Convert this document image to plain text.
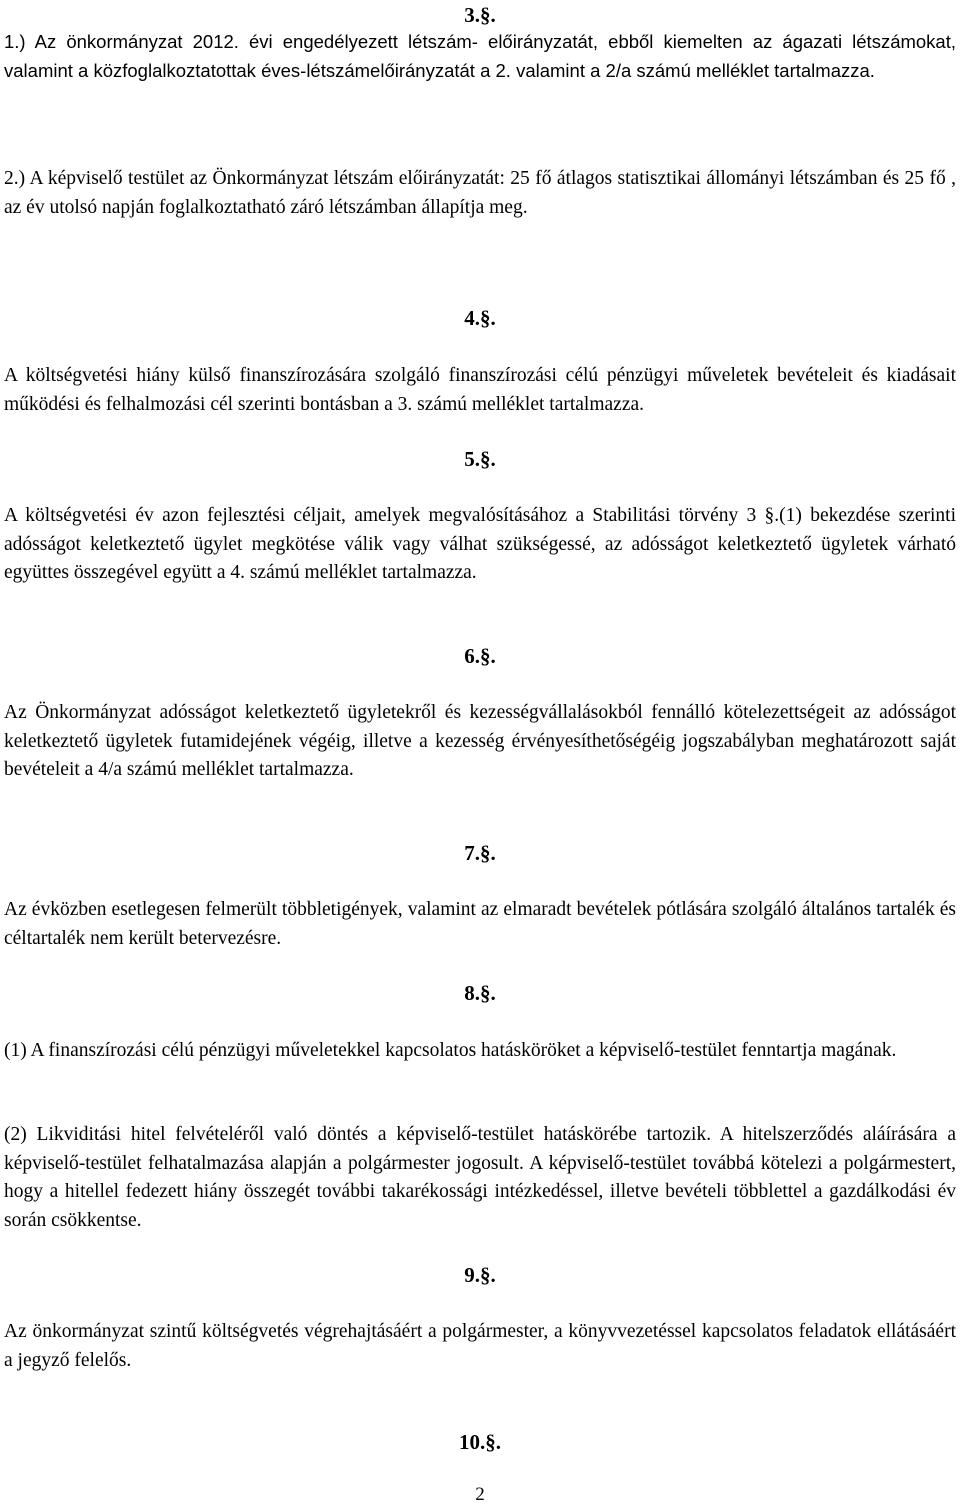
3.§.
1.) Az önkormányzat 2012. évi engedélyezett létszám- előirányzatát, ebből kiemelten az ágazati létszámokat, valamint a közfoglalkoztatottak éves-létszámelőirányzatát a 2. valamint a 2/a számú melléklet tartalmazza.
2.) A képviselő testület az Önkormányzat létszám előirányzatát: 25 fő átlagos statisztikai állományi létszámban és 25 fő , az év utolsó napján foglalkoztatható záró létszámban állapítja meg.
4.§.
A költségvetési hiány külső finanszírozására szolgáló finanszírozási célú pénzügyi műveletek bevételeit és kiadásait működési és felhalmozási cél szerinti bontásban a 3. számú melléklet tartalmazza.
5.§.
A költségvetési év azon fejlesztési céljait, amelyek megvalósításához a Stabilitási törvény 3 §.(1) bekezdése szerinti adósságot keletkeztető ügylet megkötése válik vagy válhat szükségessé, az adósságot keletkeztető ügyletek várható együttes összegével együtt a 4. számú melléklet tartalmazza.
6.§.
Az Önkormányzat adósságot keletkeztető ügyletekről és kezességvállalásokból fennálló kötelezettségeit az adósságot keletkeztető ügyletek futamidejének végéig, illetve a kezesség érvényesíthetőségéig jogszabályban meghatározott saját bevételeit a 4/a számú melléklet tartalmazza.
7.§.
Az évközben esetlegesen felmerült többletigények, valamint az elmaradt bevételek pótlására szolgáló általános tartalék és céltartalék nem került betervezésre.
8.§.
(1) A finanszírozási célú pénzügyi műveletekkel kapcsolatos hatásköröket a képviselő-testület fenntartja magának.
(2) Likviditási hitel felvételéről való döntés a képviselő-testület hatáskörébe tartozik. A hitelszerződés aláírására a képviselő-testület felhatalmazása alapján a polgármester jogosult. A képviselő-testület továbbá kötelezi a polgármestert, hogy a hitellel fedezett hiány összegét további takarékossági intézkedéssel, illetve bevételi többlettel a gazdálkodási év során csökkentse.
9.§.
Az önkormányzat szintű költségvetés végrehajtásáért a polgármester, a könyvvezetéssel kapcsolatos feladatok ellátásáért a jegyző felelős.
10.§.
2
